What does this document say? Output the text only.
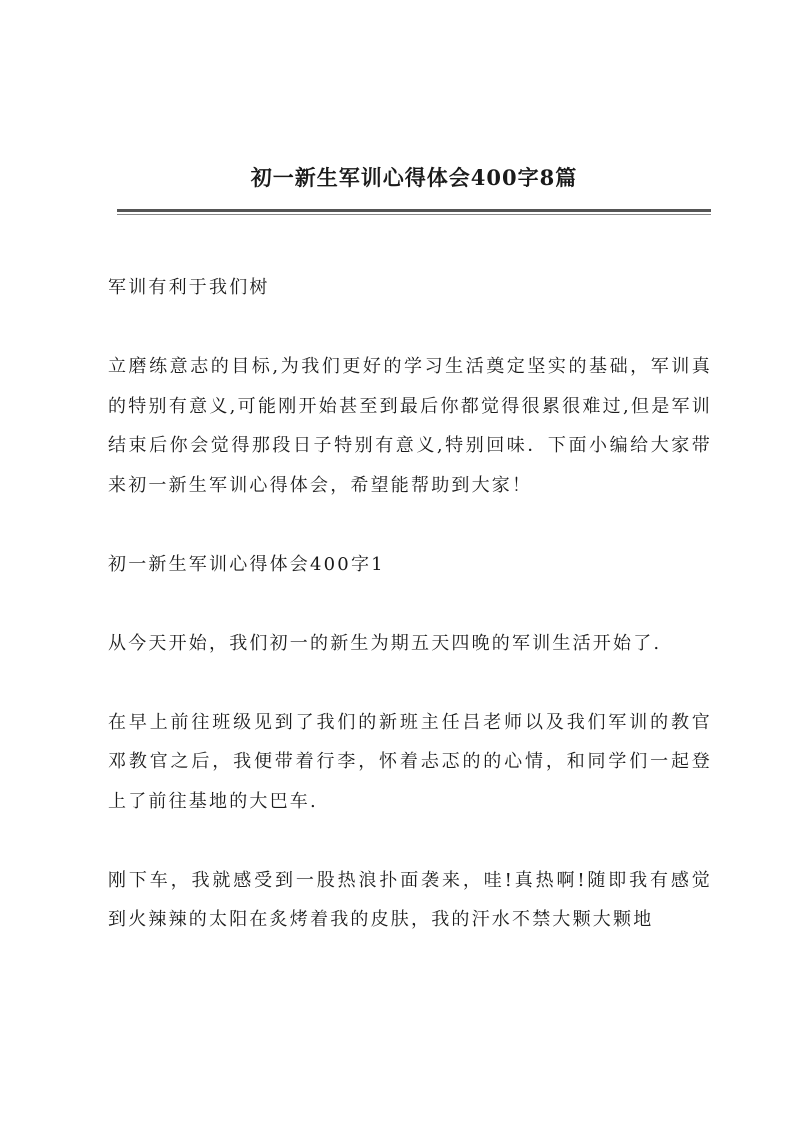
初一新生军训心得体会400字8篇

军训有利于我们树

立磨练意志的目标,为我们更好的学习生活奠定坚实的基础，军训真的特别有意义,可能刚开始甚至到最后你都觉得很累很难过,但是军训结束后你会觉得那段日子特别有意义,特别回味．下面小编给大家带来初一新生军训心得体会，希望能帮助到大家！

初一新生军训心得体会400字1

从今天开始，我们初一的新生为期五天四晚的军训生活开始了.

在早上前往班级见到了我们的新班主任吕老师以及我们军训的教官邓教官之后，我便带着行李，怀着忐忑的的心情，和同学们一起登上了前往基地的大巴车.

刚下车，我就感受到一股热浪扑面袭来，哇!真热啊!随即我有感觉到火辣辣的太阳在炙烤着我的皮肤，我的汗水不禁大颗大颗地
